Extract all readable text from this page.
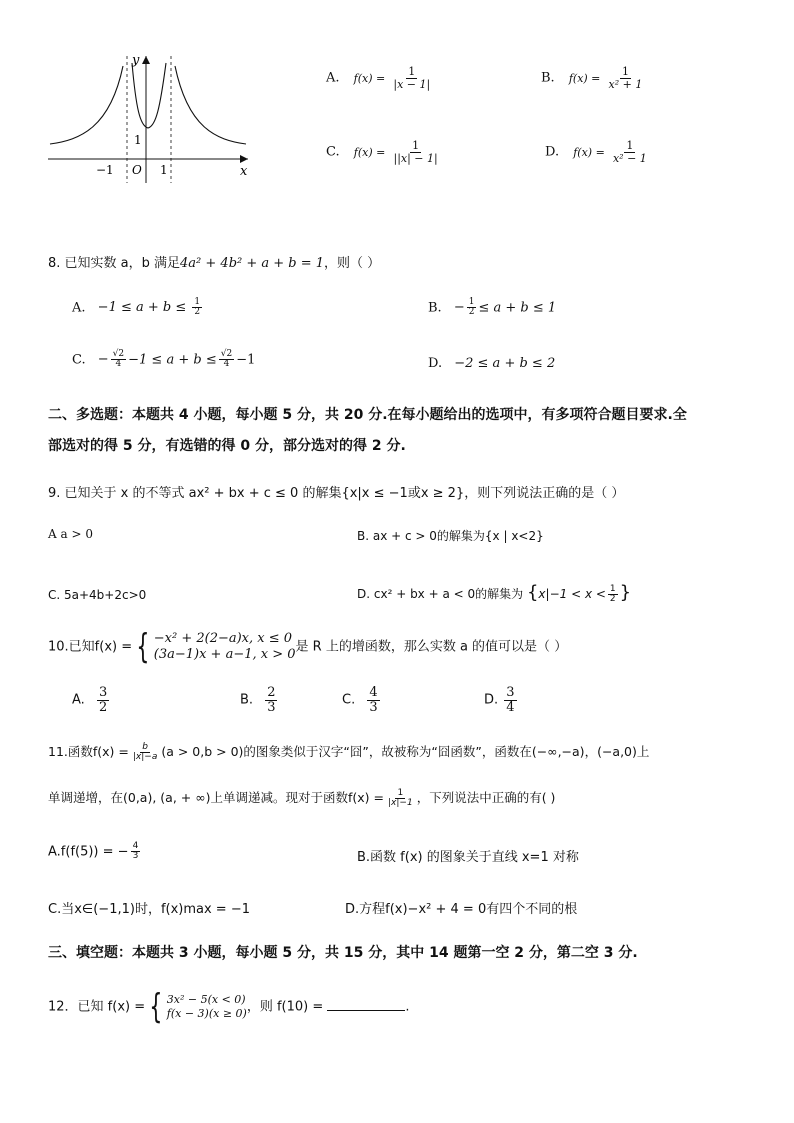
x
y
−1 O 1
1
A. $f(x) = \frac{1}{|x - 1|}$	B. $f(x) = \frac{1}{\text{x² + 1}}$
C. $f(x) = \frac{1}{||x| - 1|}$	D. $f(x) = \frac{1}{\text{x² − 1}}$
8. 已知实数 a，b 满足4a² + 4b² + a + b = 1，则（ ）
A. $-1 \le a + b \le \frac{1}{2}$	B. − $\frac{1}{2} \le a + b \le 1$
C. − $\frac{√2}{4} -1 \le a + b \le \frac{√2}{4} -1$	D. −2 ≤ a + b ≤ 2
二、多选题：本题共 4 小题，每小题 5 分，共 20 分.在每小题给出的选项中，有多项符合题目要求.全
部选对的得 5 分，有选错的得 0 分，部分选对的得 2 分.
9. 已知关于 x 的不等式 ax² + bx + c ≤ 0 的解集{x|x ≤ −1或x ≥ 2}，则下列说法正确的是（ ）
A a > 0	B. ax + c > 0的解集为{x | x<2}
C. 5a+4b+2c>0	D. cx² + bx + a < 0的解集为 {$x|-1 < x < \frac{1}{2}$ }
10.已知f(x) = { −x² + 2(2−a)x, x ≤ 0
(3a−1)x + a−1, x > 0 是 R 上的增函数，那么实数 a 的值可以是（ ）
A. $\frac{3}{2}$	B. $\frac{2}{3}$	C. $\frac{4}{3}$	D. $\frac{3}{4}$
11.函数$f(x) = \frac{b}{|x|-a} (a > 0,b > 0)$的图象类似于汉字“囧”，故被称为“囧函数”，函数在(−∞,−a)，(−a,0)上
单调递增，在(0,a), (a, + ∞)上单调递减。现对于函数$f(x) = \frac{1}{|x|-1}$ ，下列说法中正确的有( )
A.f(f(5)) = − $\frac{4}{3}$	B.函数 f(x) 的图象关于直线 x=1 对称
C.当x∈(−1,1)时，f(x)max = −1	D.方程f(x)−x² + 4 = 0有四个不同的根
三、填空题：本题共 3 小题，每小题 5 分，共 15 分，其中 14 题第一空 2 分，第二空 3 分.
12．已知 f(x) = { 3x² − 5(x < 0)
f(x − 3)(x ≥ 0) ，则 f(10) =	.
